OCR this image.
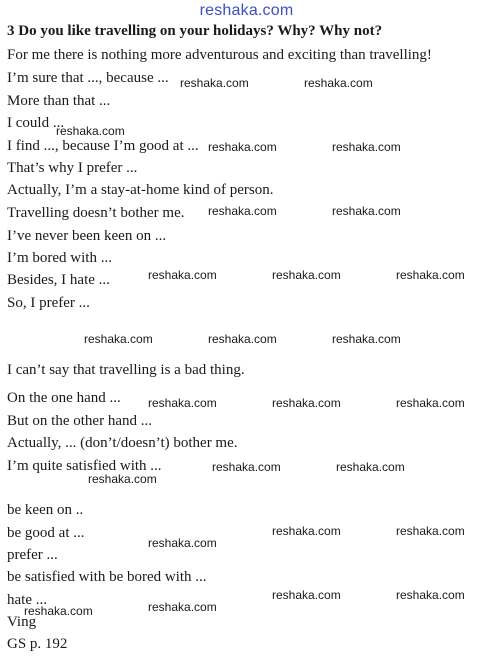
reshaka.com
3 Do you like travelling on your holidays? Why? Why not?
For me there is nothing more adventurous and exciting than travelling!
I’m sure that ..., because ...
More than that ...
I could ...
I find ..., because I’m good at ...
That’s why I prefer ...
Actually, I’m a stay-at-home kind of person.
Travelling doesn’t bother me.
I’ve never been keen on ...
I’m bored with ...
Besides, I hate ...
So, I prefer ...
I can’t say that travelling is a bad thing.
On the one hand ...
But on the other hand ...
Actually, ... (don’t/doesn’t) bother me.
I’m quite satisfied with ...
be keen on ..
be good at ...
prefer ...
be satisfied with be bored with ...
hate ...
Ving
GS p. 192
reshaka.com	reshaka.com
reshaka.com
reshaka.com	reshaka.com
reshaka.com	reshaka.com
reshaka.com	reshaka.com	reshaka.com
reshaka.com	reshaka.com	reshaka.com
reshaka.com	reshaka.com	reshaka.com
reshaka.com	reshaka.com
reshaka.com
reshaka.com	reshaka.com
reshaka.com
reshaka.com	reshaka.com
reshaka.com
reshaka.com
